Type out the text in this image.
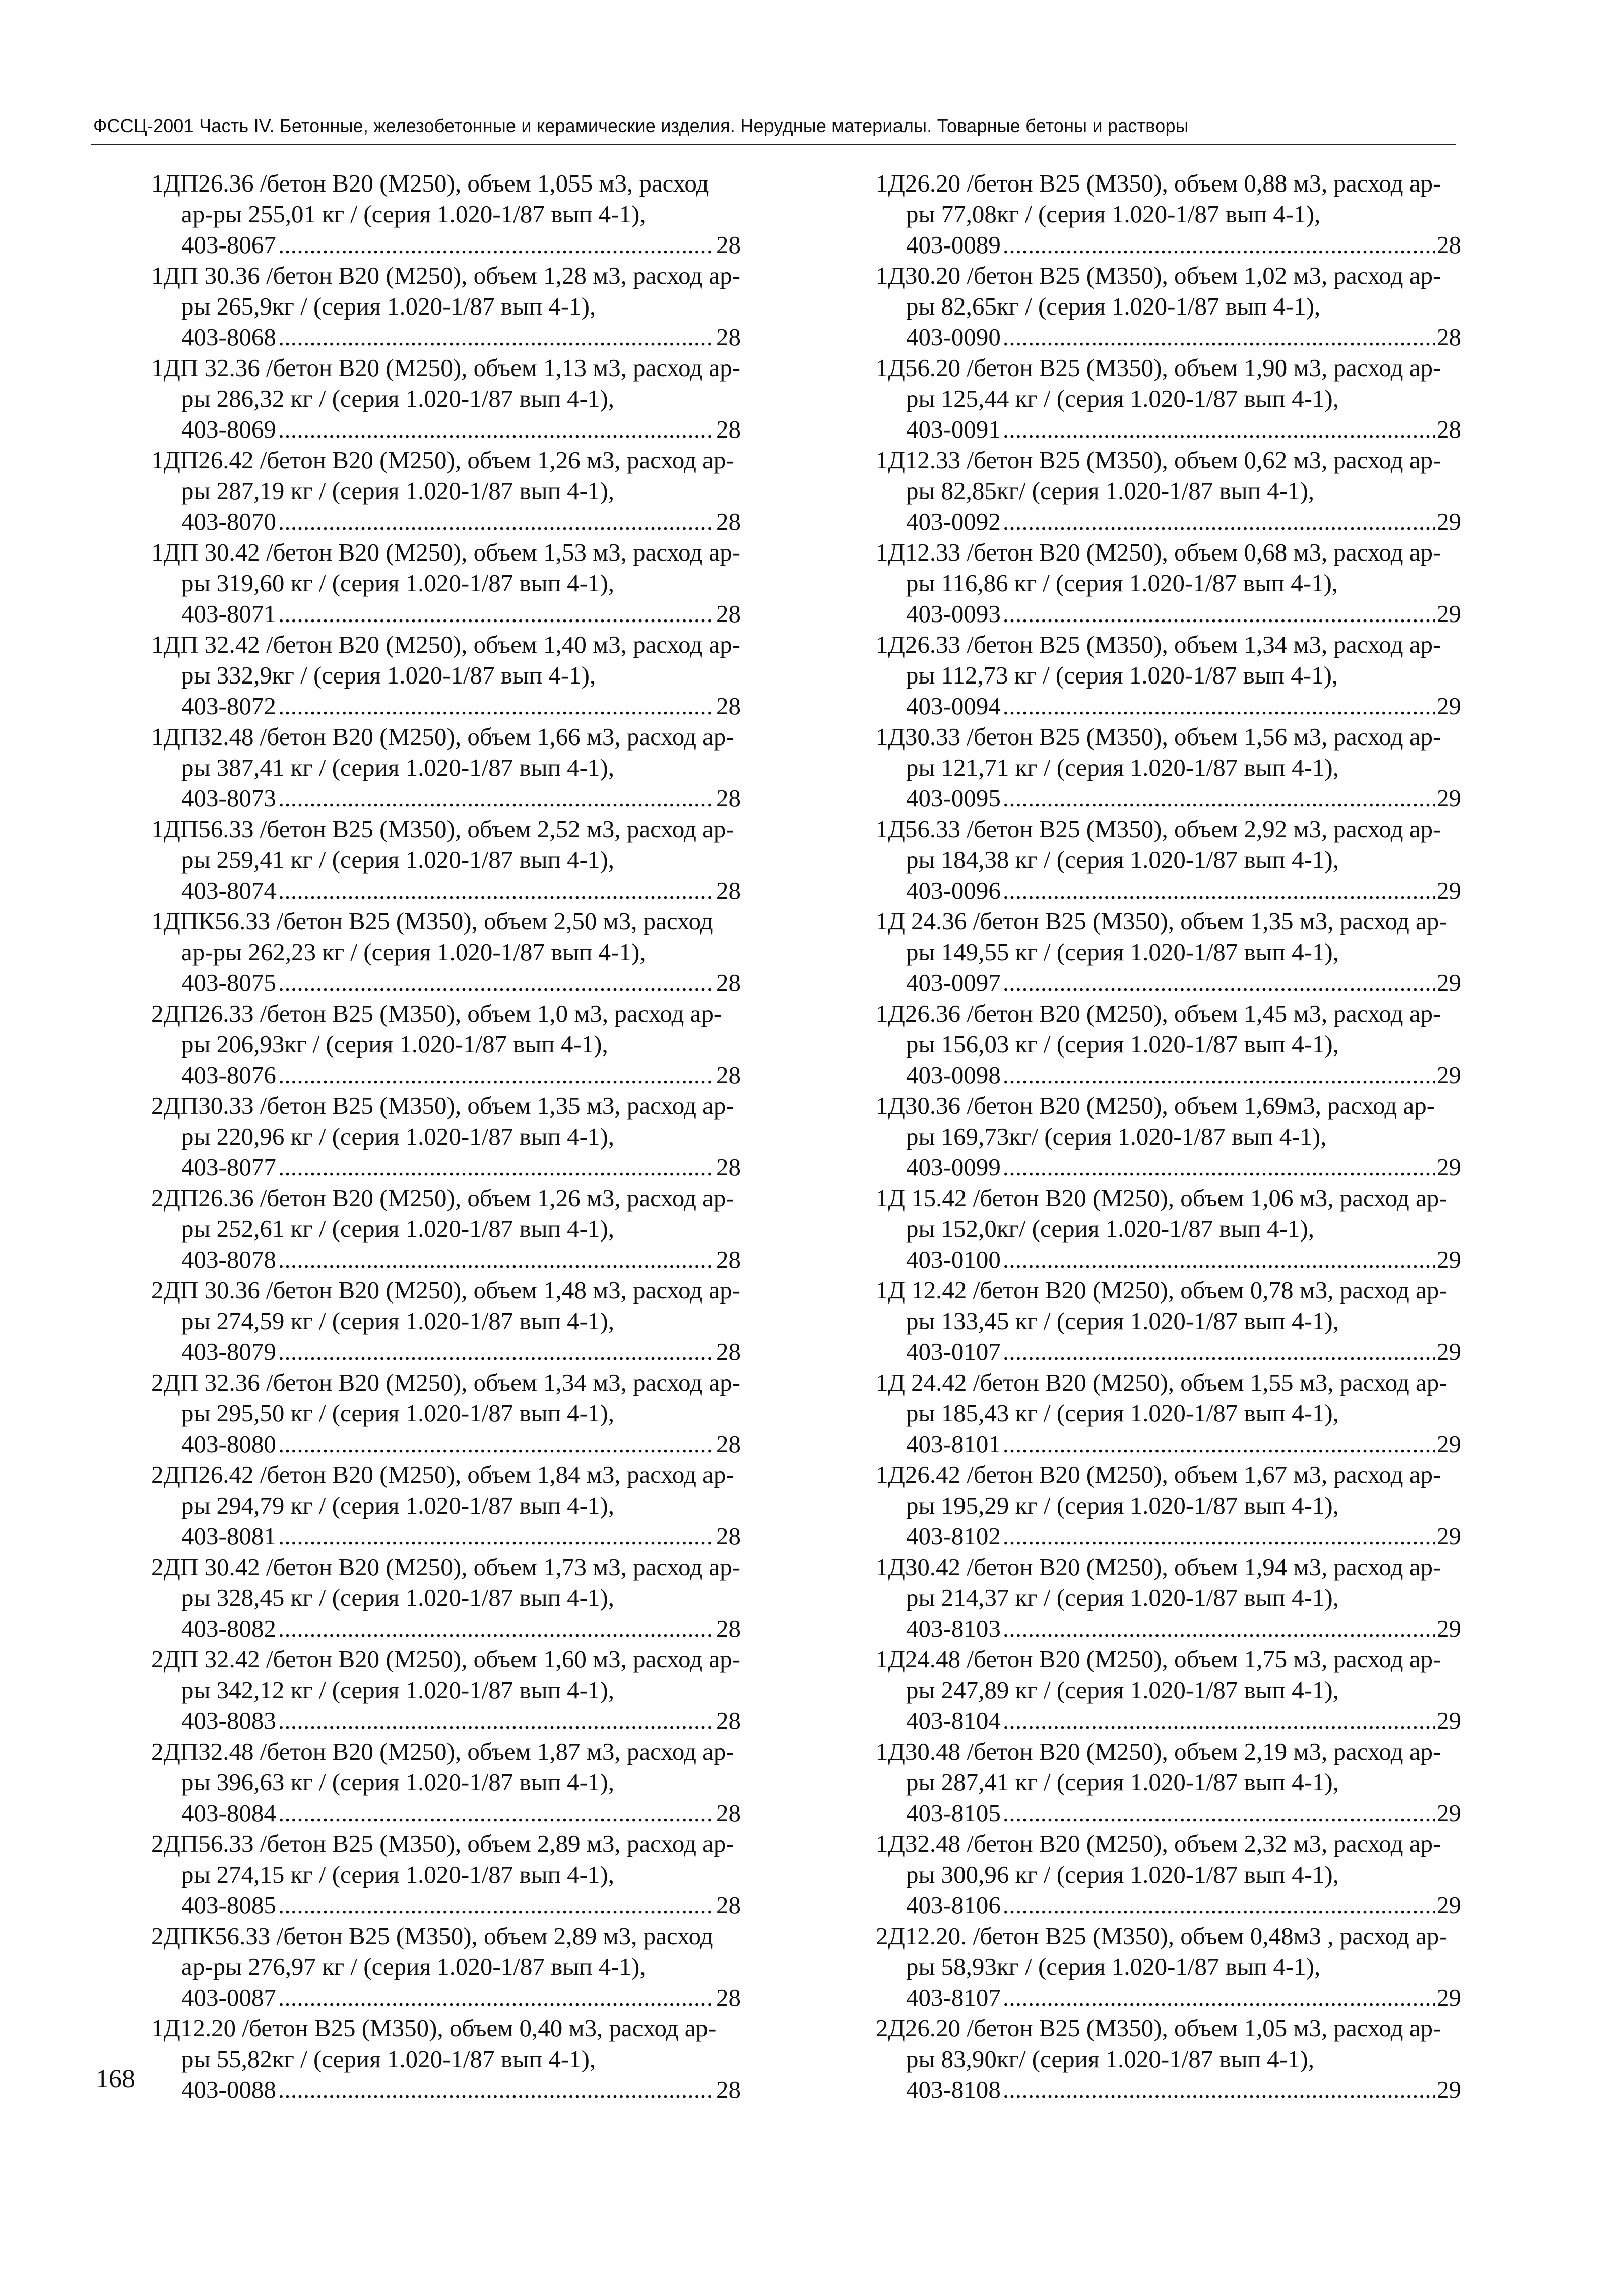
ФССЦ-2001 Часть IV. Бетонные, железобетонные и керамические изделия. Нерудные материалы. Товарные бетоны и растворы

1ДП26.36 /бетон В20 (М250), объем 1,055 м3, расход ар-ры 255,01 кг / (серия 1.020-1/87 вып 4-1),
403-8067 . . .	28

1ДП 30.36 /бетон В20 (М250), объем 1,28 м3, расход ар-ры 265,9кг / (серия 1.020-1/87 вып 4-1),
403-8068 . . .	28

1ДП 32.36 /бетон В20 (М250), объем 1,13 м3, расход ар-ры 286,32 кг / (серия 1.020-1/87 вып 4-1),
403-8069 . . .	28

1ДП26.42 /бетон В20 (М250), объем 1,26 м3, расход ар-ры 287,19 кг / (серия 1.020-1/87 вып 4-1),
403-8070 . . .	28

1ДП 30.42 /бетон В20 (М250), объем 1,53 м3, расход ар-ры 319,60 кг / (серия 1.020-1/87 вып 4-1),
403-8071 . . .	28

1ДП 32.42 /бетон В20 (М250), объем 1,40 м3, расход ар-ры 332,9кг / (серия 1.020-1/87 вып 4-1),
403-8072 . . .	28

1ДП32.48 /бетон В20 (М250), объем 1,66 м3, расход ар-ры 387,41 кг / (серия 1.020-1/87 вып 4-1),
403-8073 . . .	28

1ДП56.33 /бетон В25 (М350), объем 2,52 м3, расход ар-ры 259,41 кг / (серия 1.020-1/87 вып 4-1),
403-8074 . . .	28

1ДПК56.33 /бетон В25 (М350), объем 2,50 м3, расход ар-ры 262,23 кг / (серия 1.020-1/87 вып 4-1),
403-8075 . . .	28

2ДП26.33 /бетон В25 (М350), объем 1,0 м3, расход ар-ры 206,93кг / (серия 1.020-1/87 вып 4-1),
403-8076 . . .	28

2ДП30.33 /бетон В25 (М350), объем 1,35 м3, расход ар-ры 220,96 кг / (серия 1.020-1/87 вып 4-1),
403-8077 . . .	28

2ДП26.36 /бетон В20 (М250), объем 1,26 м3, расход ар-ры 252,61 кг / (серия 1.020-1/87 вып 4-1),
403-8078 . . .	28

2ДП 30.36 /бетон В20 (М250), объем 1,48 м3, расход ар-ры 274,59 кг / (серия 1.020-1/87 вып 4-1),
403-8079 . . .	28

2ДП 32.36 /бетон В20 (М250), объем 1,34 м3, расход ар-ры 295,50 кг / (серия 1.020-1/87 вып 4-1),
403-8080 . . .	28

2ДП26.42 /бетон В20 (М250), объем 1,84 м3, расход ар-ры 294,79 кг / (серия 1.020-1/87 вып 4-1),
403-8081 . . .	28

2ДП 30.42 /бетон В20 (М250), объем 1,73 м3, расход ар-ры 328,45 кг / (серия 1.020-1/87 вып 4-1),
403-8082 . . .	28

2ДП 32.42 /бетон В20 (М250), объем 1,60 м3, расход ар-ры 342,12 кг / (серия 1.020-1/87 вып 4-1),
403-8083 . . .	28

2ДП32.48 /бетон В20 (М250), объем 1,87 м3, расход ар-ры 396,63 кг / (серия 1.020-1/87 вып 4-1),
403-8084 . . .	28

2ДП56.33 /бетон В25 (М350), объем 2,89 м3, расход ар-ры 274,15 кг / (серия 1.020-1/87 вып 4-1),
403-8085 . . .	28

2ДПК56.33 /бетон В25 (М350), объем 2,89 м3, расход ар-ры 276,97 кг / (серия 1.020-1/87 вып 4-1),
403-0087 . . .	28

1Д12.20 /бетон В25 (М350), объем 0,40 м3, расход ар-ры 55,82кг / (серия 1.020-1/87 вып 4-1),
403-0088 . . .	28

1Д26.20 /бетон В25 (М350), объем 0,88 м3, расход ар-ры 77,08кг / (серия 1.020-1/87 вып 4-1),
403-0089 . . .	28

1Д30.20 /бетон В25 (М350), объем 1,02 м3, расход ар-ры 82,65кг / (серия 1.020-1/87 вып 4-1),
403-0090 . . .	28

1Д56.20 /бетон В25 (М350), объем 1,90 м3, расход ар-ры 125,44 кг / (серия 1.020-1/87 вып 4-1),
403-0091 . . .	28

1Д12.33 /бетон В25 (М350), объем 0,62 м3, расход ар-ры 82,85кг/ (серия 1.020-1/87 вып 4-1),
403-0092 . . .	29

1Д12.33 /бетон В20 (М250), объем 0,68 м3, расход ар-ры 116,86 кг / (серия 1.020-1/87 вып 4-1),
403-0093 . . .	29

1Д26.33 /бетон В25 (М350), объем 1,34 м3, расход ар-ры 112,73 кг / (серия 1.020-1/87 вып 4-1),
403-0094 . . .	29

1Д30.33 /бетон В25 (М350), объем 1,56 м3, расход ар-ры 121,71 кг / (серия 1.020-1/87 вып 4-1),
403-0095 . . .	29

1Д56.33 /бетон В25 (М350), объем 2,92 м3, расход ар-ры 184,38 кг / (серия 1.020-1/87 вып 4-1),
403-0096 . . .	29

1Д 24.36 /бетон В25 (М350), объем 1,35 м3, расход ар-ры 149,55 кг / (серия 1.020-1/87 вып 4-1),
403-0097 . . .	29

1Д26.36 /бетон В20 (М250), объем 1,45 м3, расход ар-ры 156,03 кг / (серия 1.020-1/87 вып 4-1),
403-0098 . . .	29

1Д30.36 /бетон В20 (М250), объем 1,69м3, расход ар-ры 169,73кг/ (серия 1.020-1/87 вып 4-1),
403-0099 . . .	29

1Д 15.42 /бетон В20 (М250), объем 1,06 м3, расход ар-ры 152,0кг/ (серия 1.020-1/87 вып 4-1),
403-0100 . . .	29

1Д 12.42 /бетон В20 (М250), объем 0,78 м3, расход ар-ры 133,45 кг / (серия 1.020-1/87 вып 4-1),
403-0107 . . .	29

1Д 24.42 /бетон В20 (М250), объем 1,55 м3, расход ар-ры 185,43 кг / (серия 1.020-1/87 вып 4-1),
403-8101 . . .	29

1Д26.42 /бетон В20 (М250), объем 1,67 м3, расход ар-ры 195,29 кг / (серия 1.020-1/87 вып 4-1),
403-8102 . . .	29

1Д30.42 /бетон В20 (М250), объем 1,94 м3, расход ар-ры 214,37 кг / (серия 1.020-1/87 вып 4-1),
403-8103 . . .	29

1Д24.48 /бетон В20 (М250), объем 1,75 м3, расход ар-ры 247,89 кг / (серия 1.020-1/87 вып 4-1),
403-8104 . . .	29

1Д30.48 /бетон В20 (М250), объем 2,19 м3, расход ар-ры 287,41 кг / (серия 1.020-1/87 вып 4-1),
403-8105 . . .	29

1Д32.48 /бетон В20 (М250), объем 2,32 м3, расход ар-ры 300,96 кг / (серия 1.020-1/87 вып 4-1),
403-8106 . . .	29

2Д12.20. /бетон В25 (М350), объем 0,48м3 , расход ар-ры 58,93кг / (серия 1.020-1/87 вып 4-1),
403-8107 . . .	29

2Д26.20 /бетон В25 (М350), объем 1,05 м3, расход ар-ры 83,90кг/ (серия 1.020-1/87 вып 4-1),
403-8108 . . .	29

168
